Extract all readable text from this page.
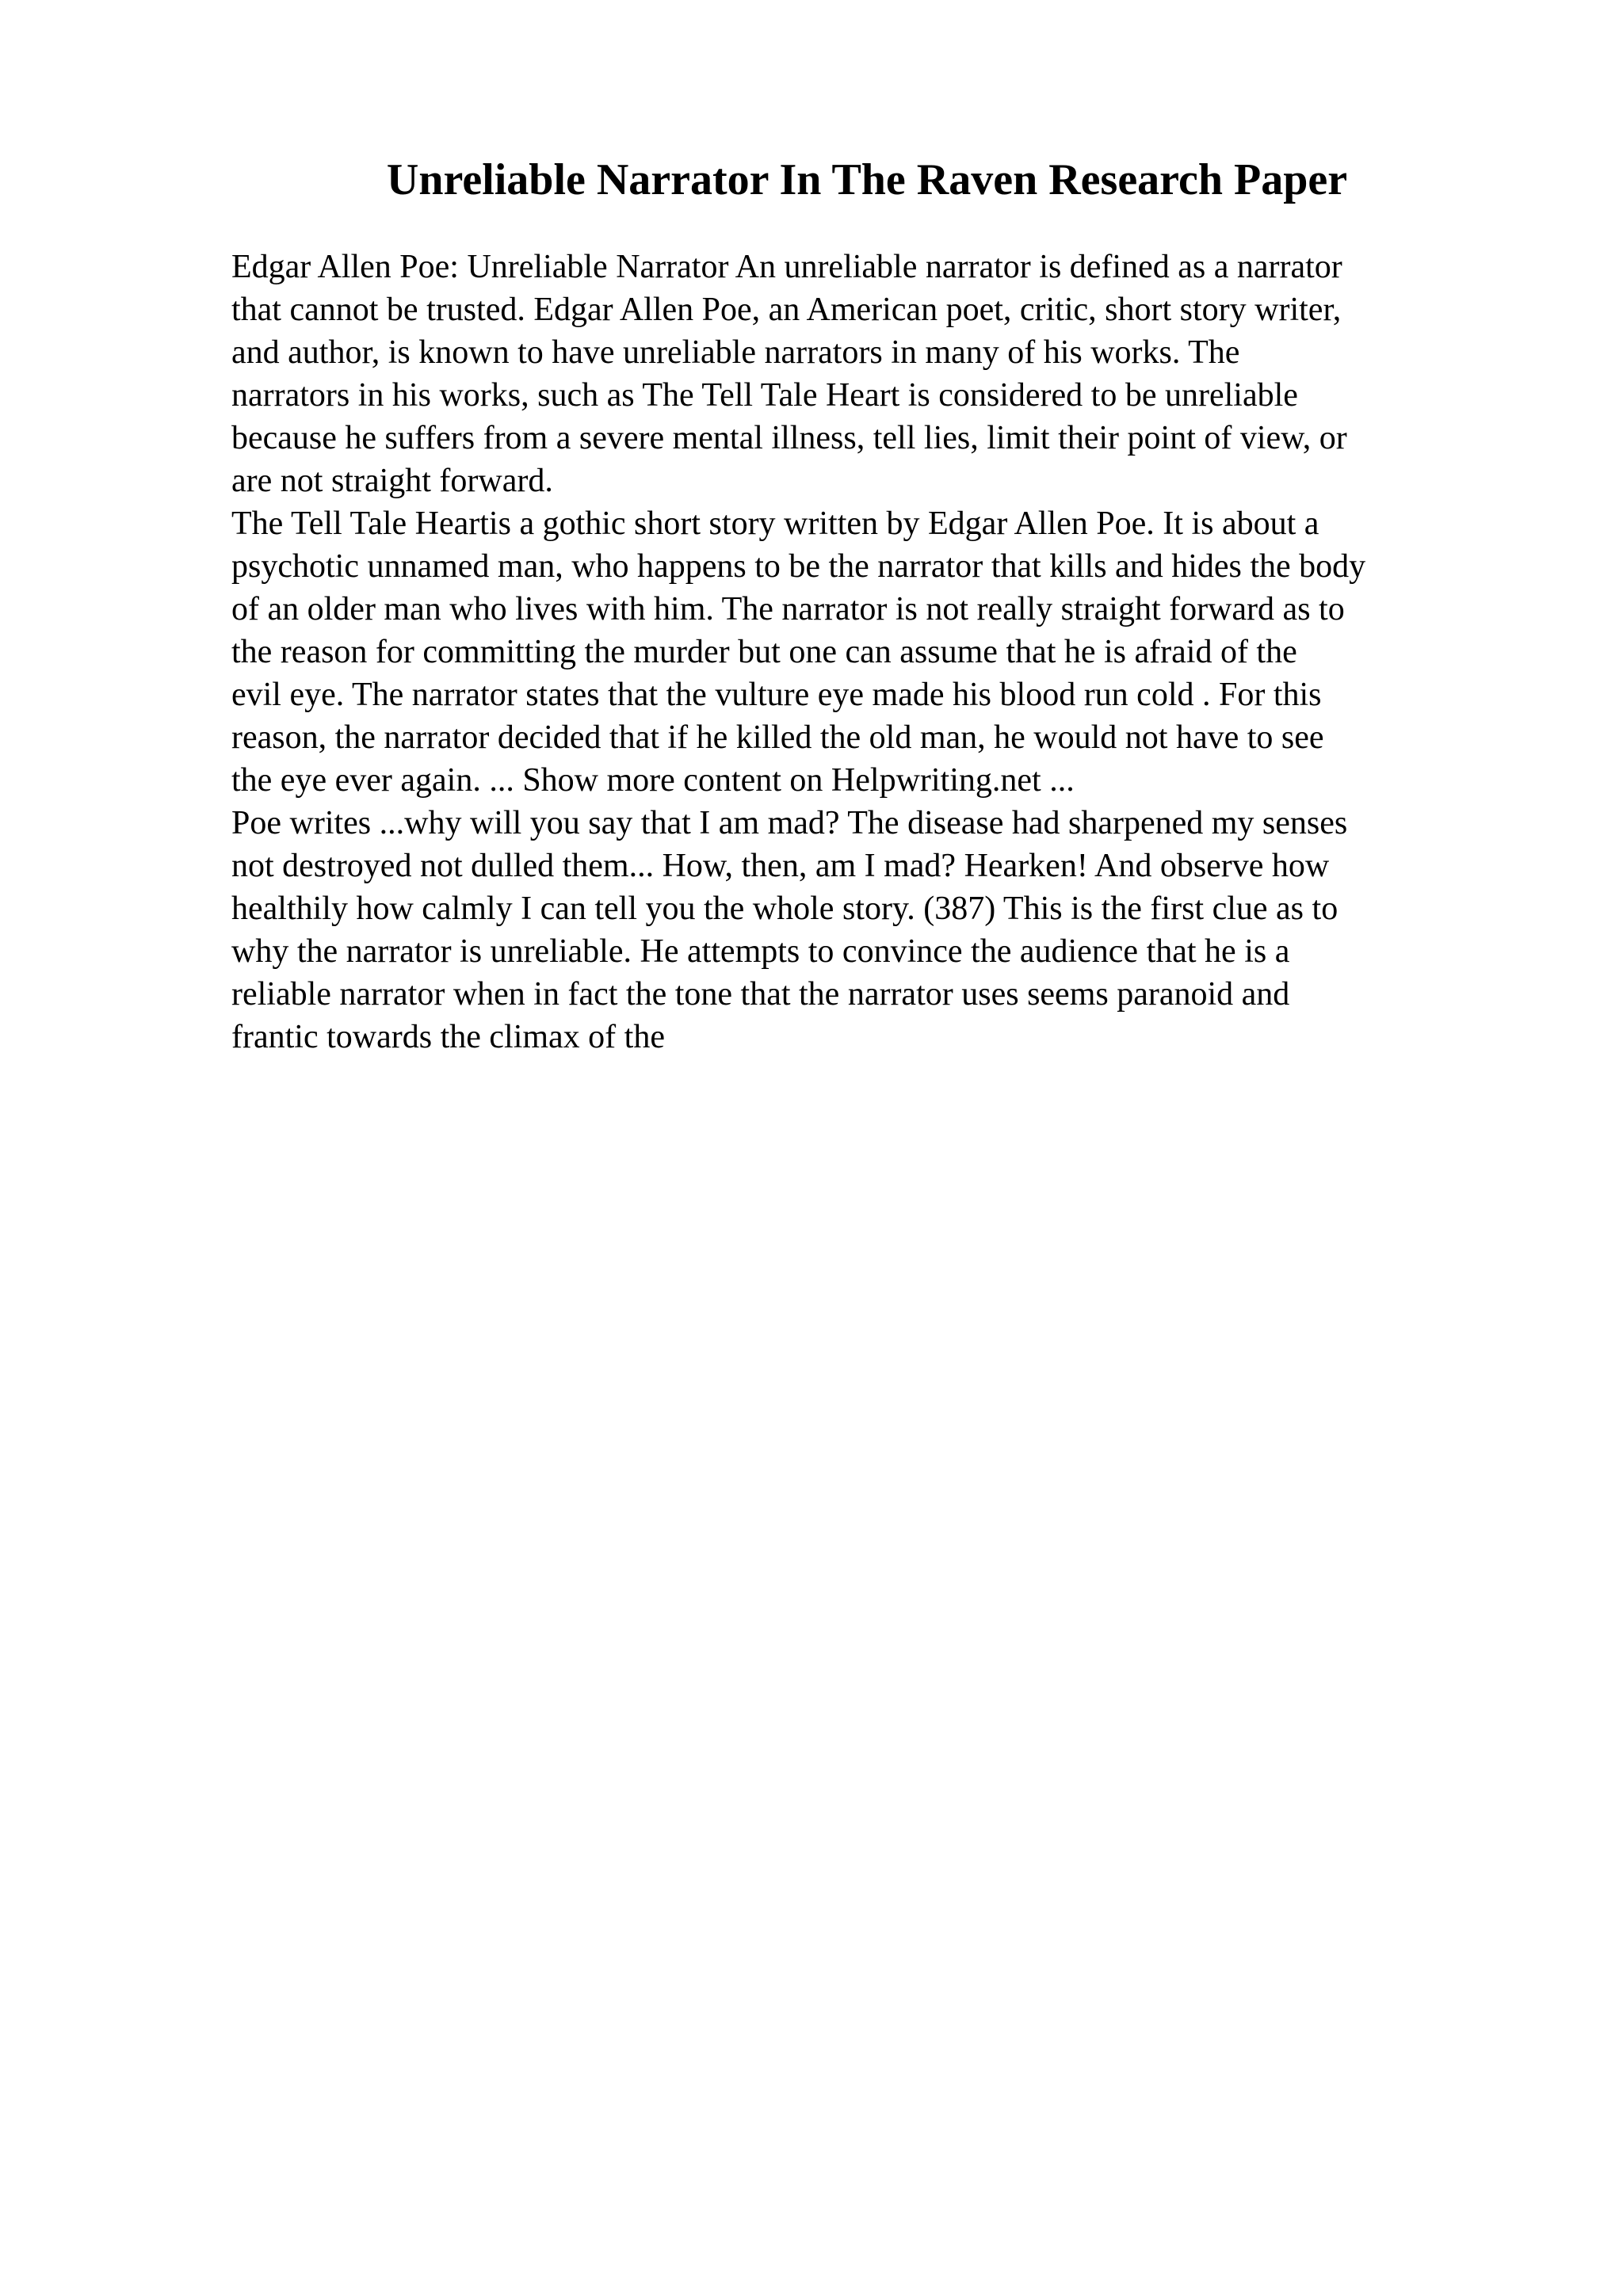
Unreliable Narrator In The Raven Research Paper
Edgar Allen Poe: Unreliable Narrator An unreliable narrator is defined as a narrator
that cannot be trusted. Edgar Allen Poe, an American poet, critic, short story writer,
and author, is known to have unreliable narrators in many of his works. The
narrators in his works, such as The Tell Tale Heart is considered to be unreliable
because he suffers from a severe mental illness, tell lies, limit their point of view, or
are not straight forward.
The Tell Tale Heartis a gothic short story written by Edgar Allen Poe. It is about a
psychotic unnamed man, who happens to be the narrator that kills and hides the body
of an older man who lives with him. The narrator is not really straight forward as to
the reason for committing the murder but one can assume that he is afraid of the
evil eye. The narrator states that the vulture eye made his blood run cold . For this
reason, the narrator decided that if he killed the old man, he would not have to see
the eye ever again. ... Show more content on Helpwriting.net ...
Poe writes ...why will you say that I am mad? The disease had sharpened my senses
not destroyed not dulled them... How, then, am I mad? Hearken! And observe how
healthily how calmly I can tell you the whole story. (387) This is the first clue as to
why the narrator is unreliable. He attempts to convince the audience that he is a
reliable narrator when in fact the tone that the narrator uses seems paranoid and
frantic towards the climax of the
